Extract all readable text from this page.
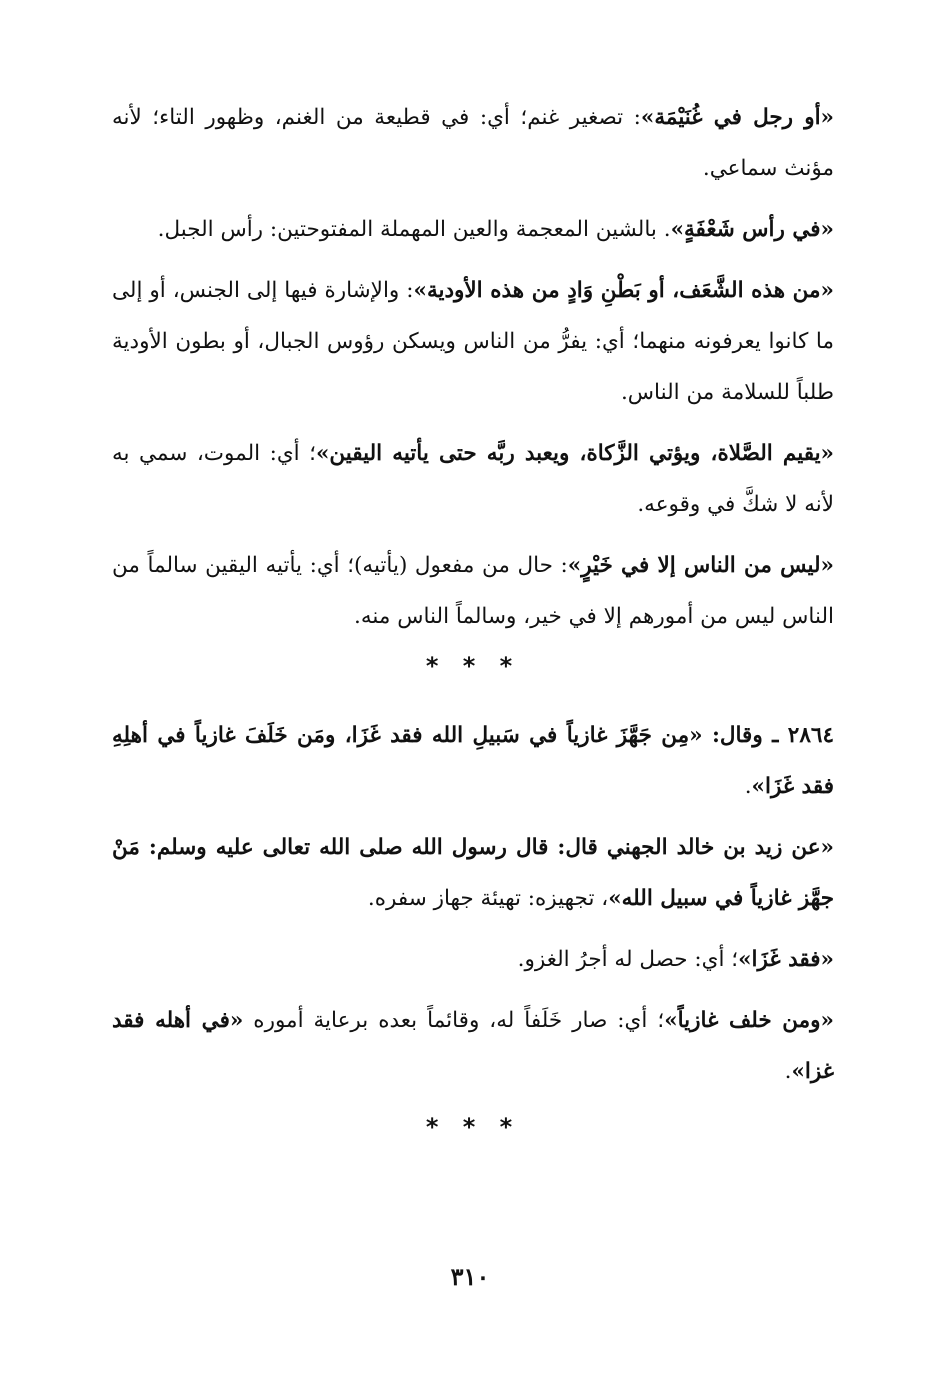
«أو رجل في غُنَيْمَة»: تصغير غنم؛ أي: في قطيعة من الغنم، وظهور التاء؛ لأنه مؤنث سماعي.

«في رأس شَعْفَةٍ». بالشين المعجمة والعين المهملة المفتوحتين: رأس الجبل.

«من هذه الشَّعَف، أو بَطْنِ وَادٍ من هذه الأودية»: والإشارة فيها إلى الجنس، أو إلى ما كانوا يعرفونه منهما؛ أي: يفرُّ من الناس ويسكن رؤوس الجبال، أو بطون الأودية طلباً للسلامة من الناس.

«يقيم الصَّلاة، ويؤتي الزَّكاة، ويعبد ربَّه حتى يأتيه اليقين»؛ أي: الموت، سمي به لأنه لا شكَّ في وقوعه.

«ليس من الناس إلا في خَيْرٍ»: حال من مفعول (يأتيه)؛ أي: يأتيه اليقين سالماً من الناس ليس من أمورهم إلا في خير، وسالماً الناس منه.

* * *

٢٨٦٤ ـ وقال: «مِن جَهَّزَ غازياً في سَبيلِ الله فقد غَزَا، ومَن خَلَفَ غازياً في أهلِهِ فقد غَزَا».

«عن زيد بن خالد الجهني قال: قال رسول الله صلى الله تعالى عليه وسلم: مَنْ جهَّز غازياً في سبيل الله»، تجهيزه: تهيئة جهاز سفره.

«فقد غَزَا»؛ أي: حصل له أجرُ الغزو.

«ومن خلف غازياً»؛ أي: صار خَلَفاً له، وقائماً بعده برعاية أموره «في أهله فقد غزا».

* * *
٣١٠
